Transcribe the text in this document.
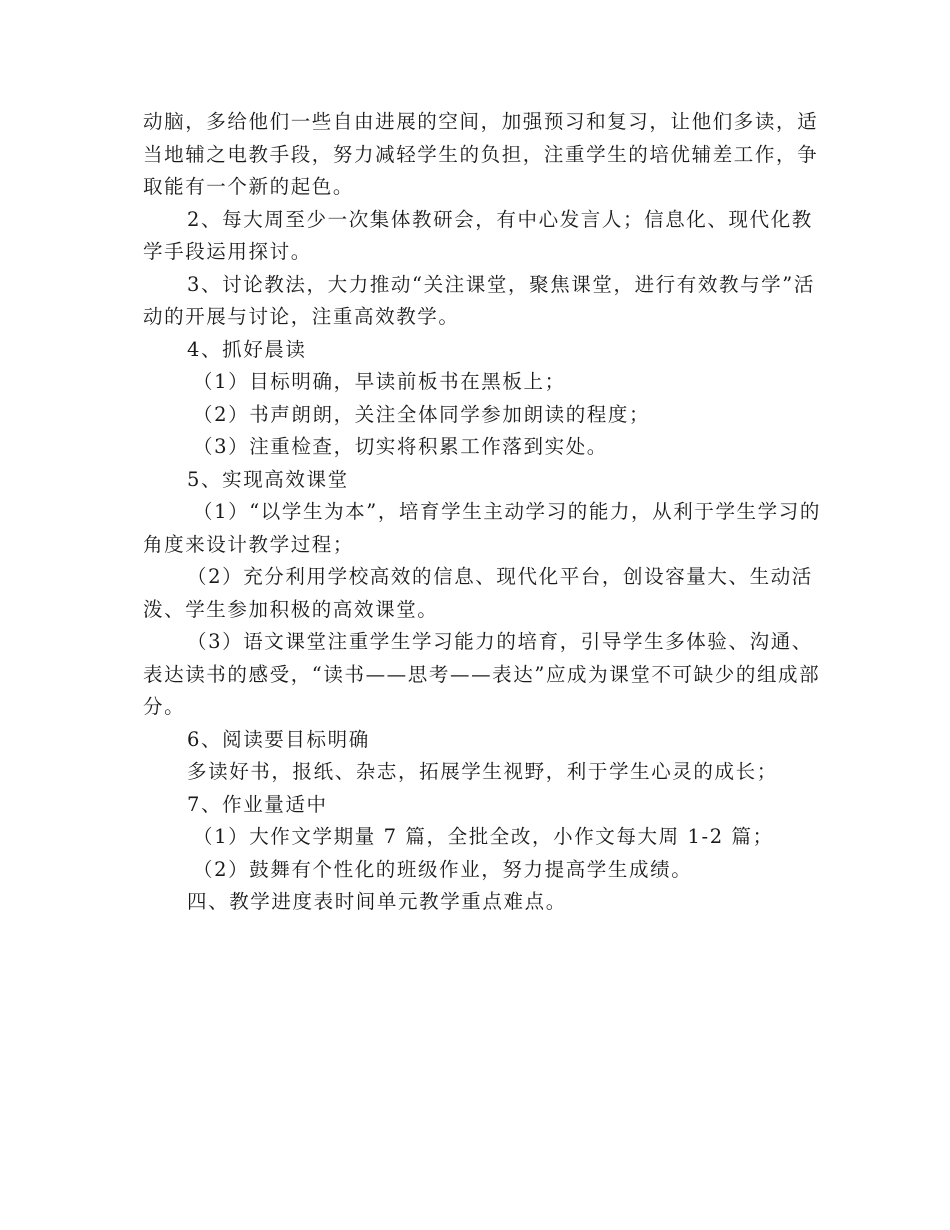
动脑，多给他们一些自由进展的空间，加强预习和复习，让他们多读，适当地辅之电教手段，努力减轻学生的负担，注重学生的培优辅差工作，争取能有一个新的起色。

2、每大周至少一次集体教研会，有中心发言人；信息化、现代化教学手段运用探讨。

3、讨论教法，大力推动“关注课堂，聚焦课堂，进行有效教与学”活动的开展与讨论，注重高效教学。

4、抓好晨读

（1）目标明确，早读前板书在黑板上；

（2）书声朗朗，关注全体同学参加朗读的程度；

（3）注重检查，切实将积累工作落到实处。

5、实现高效课堂

（1）“以学生为本”，培育学生主动学习的能力，从利于学生学习的角度来设计教学过程；

（2）充分利用学校高效的信息、现代化平台，创设容量大、生动活泼、学生参加积极的高效课堂。

（3）语文课堂注重学生学习能力的培育，引导学生多体验、沟通、表达读书的感受，“读书——思考——表达”应成为课堂不可缺少的组成部分。

6、阅读要目标明确

多读好书，报纸、杂志，拓展学生视野，利于学生心灵的成长；

7、作业量适中

（1）大作文学期量 7 篇，全批全改，小作文每大周 1-2 篇；

（2）鼓舞有个性化的班级作业，努力提高学生成绩。

四、教学进度表时间单元教学重点难点。
